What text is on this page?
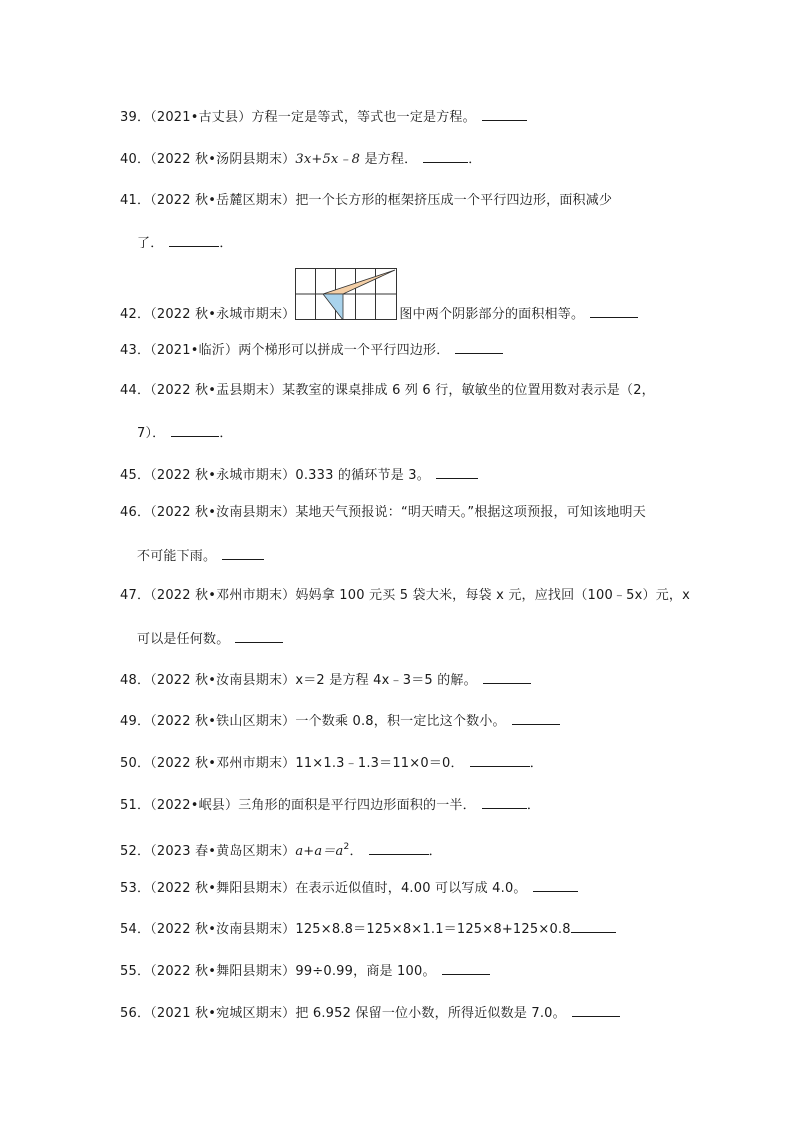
39．（2021•古丈县）方程一定是等式，等式也一定是方程。
40．（2022 秋•汤阴县期末）3x+5x﹣8 是方程．	．
41．（2022 秋•岳麓区期末）把一个长方形的框架挤压成一个平行四边形，面积减少
了．	．
42．（2022 秋•永城市期末）	图中两个阴影部分的面积相等。
43．（2021•临沂）两个梯形可以拼成一个平行四边形．
44．（2022 秋•盂县期末）某教室的课桌排成 6 列 6 行，敏敏坐的位置用数对表示是（2，
7）．	．
45．（2022 秋•永城市期末）0.333 的循环节是 3。
46．（2022 秋•汝南县期末）某地天气预报说：“明天晴天。”根据这项预报，可知该地明天
不可能下雨。
47．（2022 秋•邓州市期末）妈妈拿 100 元买 5 袋大米，每袋 x 元，应找回（100﹣5x）元，x
可以是任何数。
48．（2022 秋•汝南县期末）x＝2 是方程 4x﹣3＝5 的解。
49．（2022 秋•铁山区期末）一个数乘 0.8，积一定比这个数小。
50．（2022 秋•邓州市期末）11×1.3﹣1.3＝11×0＝0．	．
51．（2022•岷县）三角形的面积是平行四边形面积的一半．	．
52．（2023 春•黄岛区期末）$a+a=a^2$．	．
53．（2022 秋•舞阳县期末）在表示近似值时，4.00 可以写成 4.0。
54．（2022 秋•汝南县期末）125×8.8＝125×8×1.1＝125×8+125×0.8
55．（2022 秋•舞阳县期末）99÷0.99，商是 100。
56．（2021 秋•宛城区期末）把 6.952 保留一位小数，所得近似数是 7.0。
